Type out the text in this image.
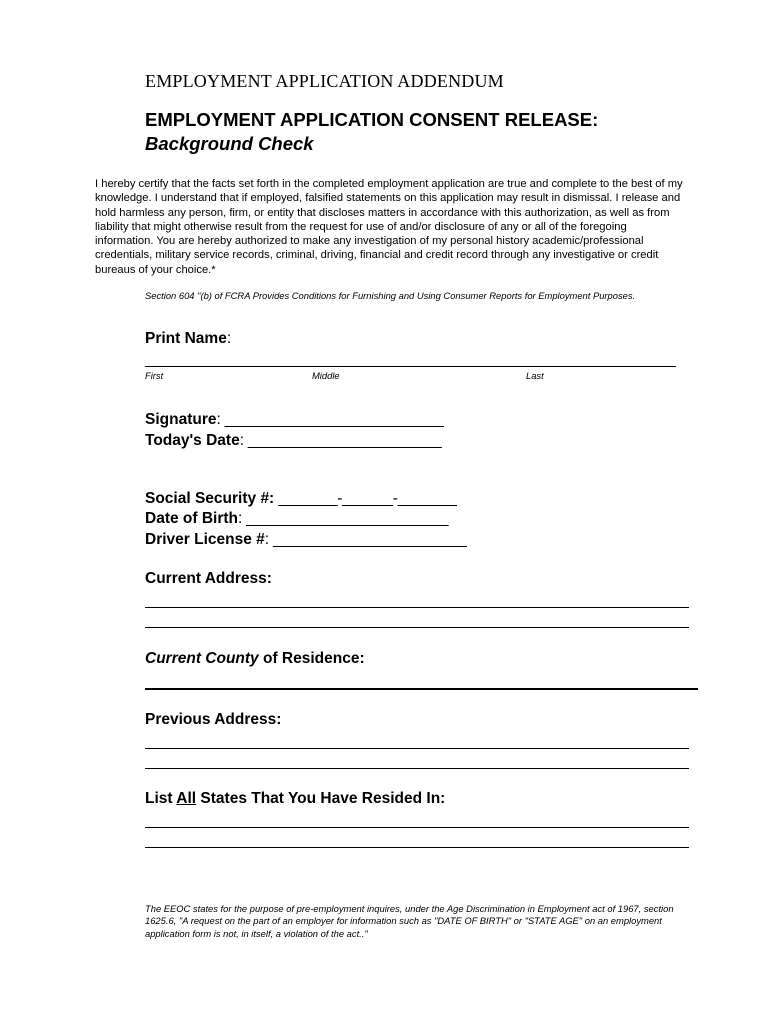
EMPLOYMENT APPLICATION ADDENDUM
EMPLOYMENT APPLICATION CONSENT RELEASE:
Background Check
I hereby certify that the facts set forth in the completed employment application are true and complete to the best of my knowledge. I understand that if employed, falsified statements on this application may result in dismissal. I release and hold harmless any person, firm, or entity that discloses matters in accordance with this authorization, as well as from liability that might otherwise result from the request for use of and/or disclosure of any or all of the foregoing information. You are hereby authorized to make any investigation of my personal history academic/professional credentials, military service records, criminal, driving, financial and credit record through any investigative or credit bureaus of your choice.*
Section 604 "(b) of FCRA Provides Conditions for Furnishing and Using Consumer Reports for Employment Purposes.
Print Name:
_______________________________________________________________
First	Middle	Last
Signature: __________________________
Today's Date: _______________________
Social Security #: _______-______-_______
Date of Birth: ________________________
Driver License #: _______________________
Current Address:
Current County of Residence:
Previous Address:
List All States That You Have Resided In:
The EEOC states for the purpose of pre-employment inquires, under the Age Discrimination in Employment act of 1967, section 1625.6, "A request on the part of an employer for information such as "DATE OF BIRTH" or "STATE AGE" on an employment application form is not, in itself, a violation of the act.."
